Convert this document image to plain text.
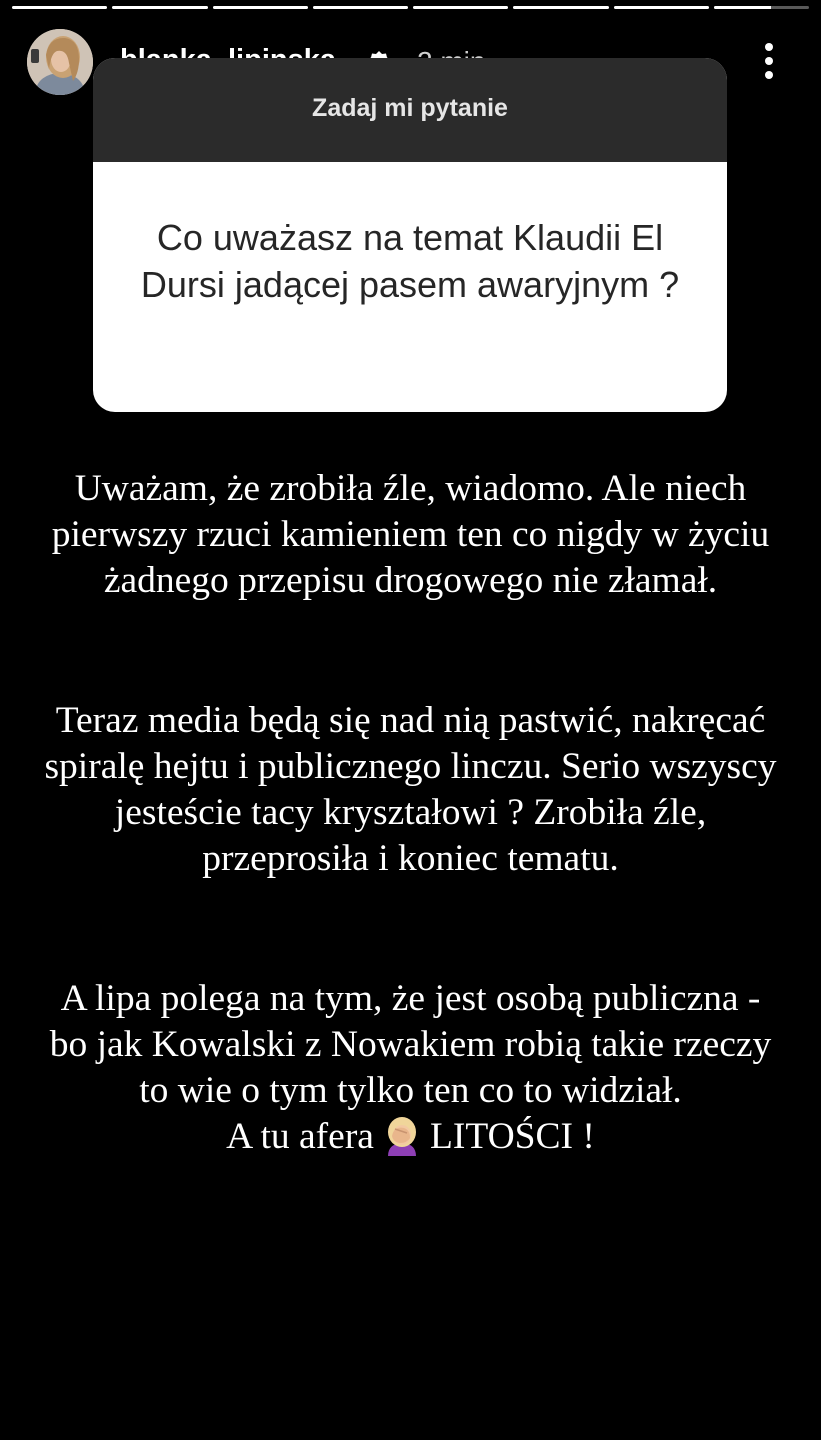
Zadaj mi pytanie
Co uważasz na temat Klaudii El Dursi jadącej pasem awaryjnym ?
Uważam, że zrobiła źle, wiadomo. Ale niech pierwszy rzuci kamieniem ten co nigdy w życiu żadnego przepisu drogowego nie złamał.
Teraz media będą się nad nią pastwić, nakręcać spiralę hejtu i publicznego linczu. Serio wszyscy jesteście tacy kryształowi ? Zrobiła źle, przeprosiła i koniec tematu.
A lipa polega na tym, że jest osobą publiczna - bo jak Kowalski z Nowakiem robią takie rzeczy to wie o tym tylko ten co to widział.
A tu afera LITOŚCI !
